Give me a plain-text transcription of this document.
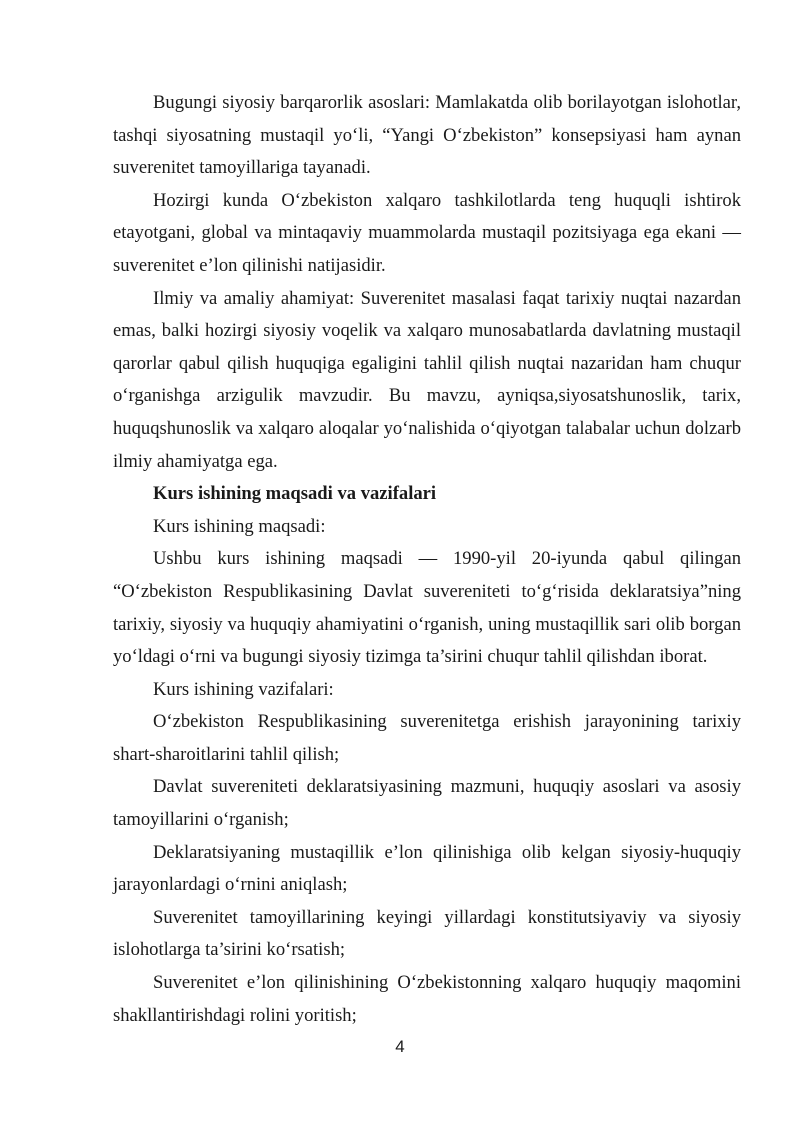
Bugungi siyosiy barqarorlik asoslari: Mamlakatda olib borilayotgan islohotlar, tashqi siyosatning mustaqil yo‘li, “Yangi O‘zbekiston” konsepsiyasi ham aynan suverenitet tamoyillariga tayanadi.

Hozirgi kunda O‘zbekiston xalqaro tashkilotlarda teng huquqli ishtirok etayotgani, global va mintaqaviy muammolarda mustaqil pozitsiyaga ega ekani — suverenitet e’lon qilinishi natijasidir.

Ilmiy va amaliy ahamiyat: Suverenitet masalasi faqat tarixiy nuqtai nazardan emas, balki hozirgi siyosiy voqelik va xalqaro munosabatlarda davlatning mustaqil qarorlar qabul qilish huquqiga egaligini tahlil qilish nuqtai nazaridan ham chuqur o‘rganishga arzigulik mavzudir. Bu mavzu, ayniqsa,siyosatshunoslik, tarix, huquqshunoslik va xalqaro aloqalar yo‘nalishida o‘qiyotgan talabalar uchun dolzarb ilmiy ahamiyatga ega.

Kurs ishining maqsadi va vazifalari

Kurs ishining maqsadi:

Ushbu kurs ishining maqsadi — 1990-yil 20-iyunda qabul qilingan “O‘zbekiston Respublikasining Davlat suvereniteti to‘g‘risida deklaratsiya”ning tarixiy, siyosiy va huquqiy ahamiyatini o‘rganish, uning mustaqillik sari olib borgan yo‘ldagi o‘rni va bugungi siyosiy tizimga ta’sirini chuqur tahlil qilishdan iborat.

Kurs ishining vazifalari:

O‘zbekiston Respublikasining suverenitetga erishish jarayonining tarixiy shart-sharoitlarini tahlil qilish;

Davlat suvereniteti deklaratsiyasining mazmuni, huquqiy asoslari va asosiy tamoyillarini o‘rganish;

Deklaratsiyaning mustaqillik e’lon qilinishiga olib kelgan siyosiy-huquqiy jarayonlardagi o‘rnini aniqlash;

Suverenitet tamoyillarining keyingi yillardagi konstitutsiyaviy va siyosiy islohotlarga ta’sirini ko‘rsatish;

Suverenitet e’lon qilinishining O‘zbekistonning xalqaro huquqiy maqomini shakllantirishdagi rolini yoritish;

4
